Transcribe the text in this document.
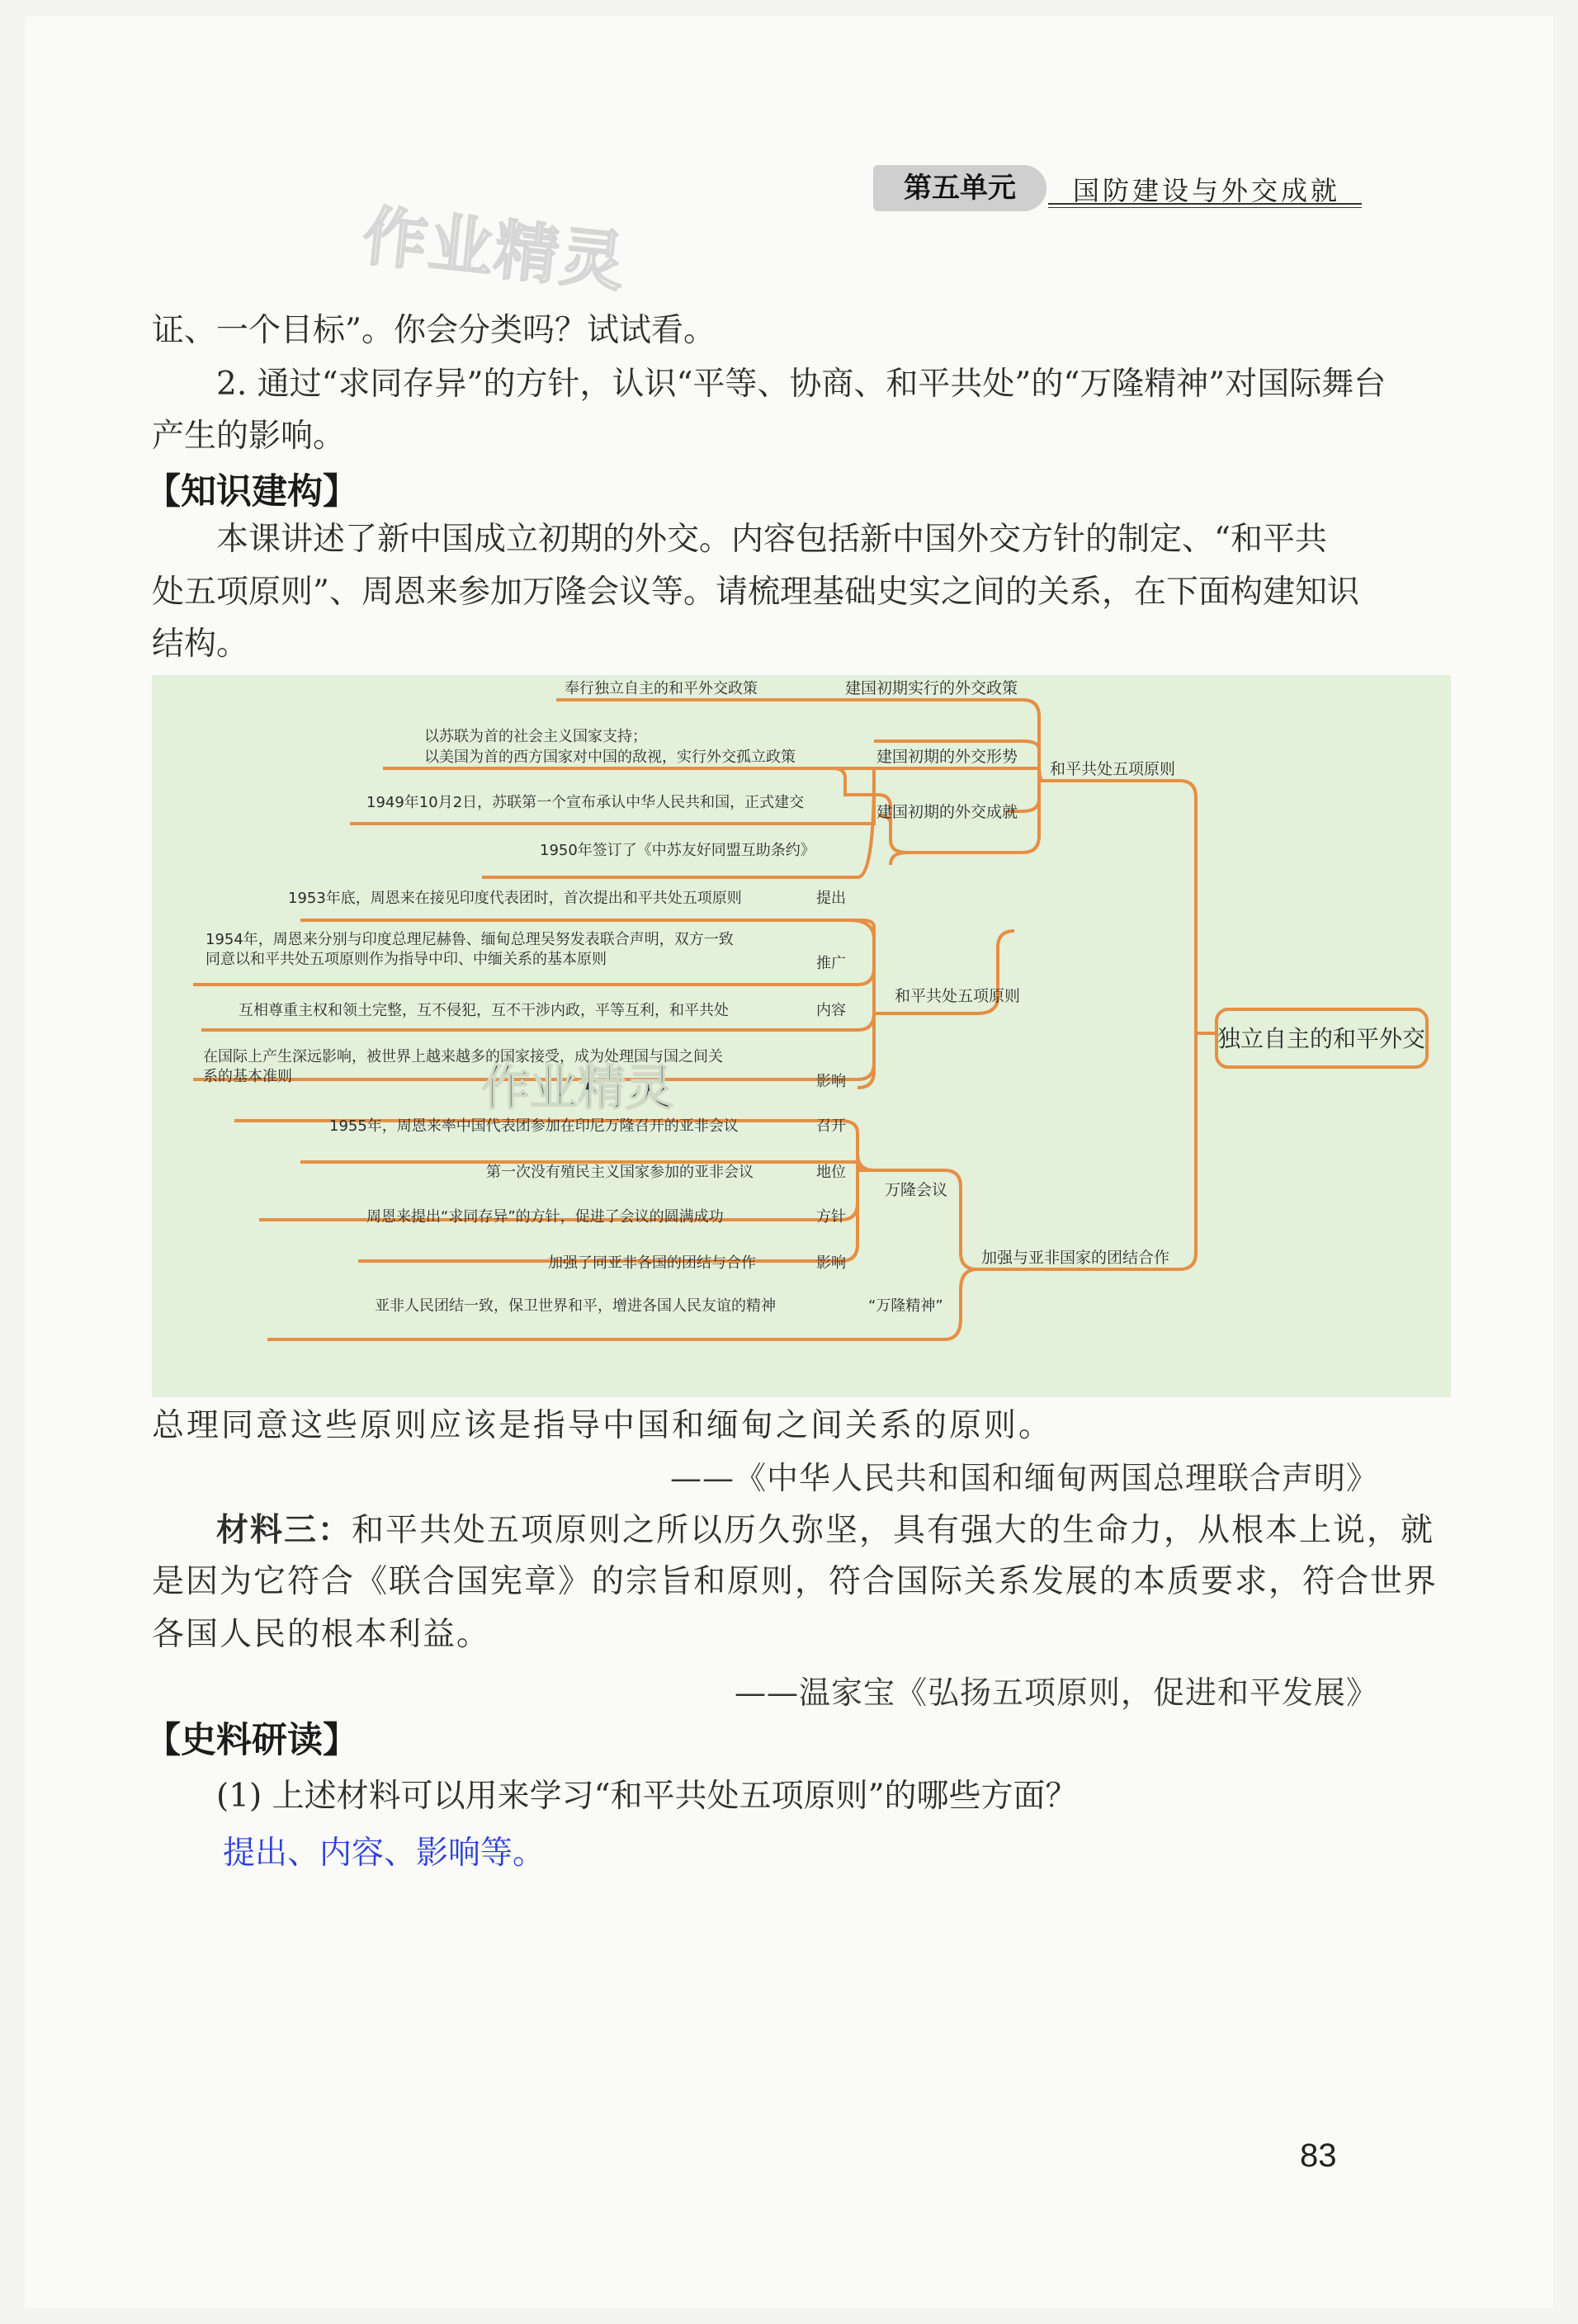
第五单元	国防建设与外交成就
作业精灵
证、一个目标”。你会分类吗？试试看。
2. 通过“求同存异”的方针，认识“平等、协商、和平共处”的“万隆精神”对国际舞台
产生的影响。
【知识建构】
本课讲述了新中国成立初期的外交。内容包括新中国外交方针的制定、“和平共
处五项原则”、周恩来参加万隆会议等。请梳理基础史实之间的关系，在下面构建知识
结构。
独立自主的和平外交
和平共处五项原则
加强与亚非国家的团结合作
建国初期实行的外交政策
建国初期的外交形势
建国初期的外交成就
和平共处五项原则
奉行独立自主的和平外交政策
以苏联为首的社会主义国家支持；
以美国为首的西方国家对中国的敌视，实行外交孤立政策
1949年10月2日，苏联第一个宣布承认中华人民共和国，正式建交
1950年签订了《中苏友好同盟互助条约》
1953年底，周恩来在接见印度代表团时，首次提出和平共处五项原则	提出
1954年，周恩来分别与印度总理尼赫鲁、缅甸总理吴努发表联合声明，双方一致
同意以和平共处五项原则作为指导中印、中缅关系的基本原则	推广
互相尊重主权和领土完整，互不侵犯，互不干涉内政，平等互利，和平共处	内容
在国际上产生深远影响，被世界上越来越多的国家接受，成为处理国与国之间关
系的基本准则	影响
万隆会议
1955年，周恩来率中国代表团参加在印尼万隆召开的亚非会议	召开
第一次没有殖民主义国家参加的亚非会议	地位
周恩来提出“求同存异”的方针，促进了会议的圆满成功	方针
加强了同亚非各国的团结与合作	影响
“万隆精神”
亚非人民团结一致，保卫世界和平，增进各国人民友谊的精神
作业精灵
总理同意这些原则应该是指导中国和缅甸之间关系的原则。
——《中华人民共和国和缅甸两国总理联合声明》
材料三：和平共处五项原则之所以历久弥坚，具有强大的生命力，从根本上说，就
是因为它符合《联合国宪章》的宗旨和原则，符合国际关系发展的本质要求，符合世界
各国人民的根本利益。
——温家宝《弘扬五项原则，促进和平发展》
【史料研读】
(1) 上述材料可以用来学习“和平共处五项原则”的哪些方面？
提出、内容、影响等。
83
